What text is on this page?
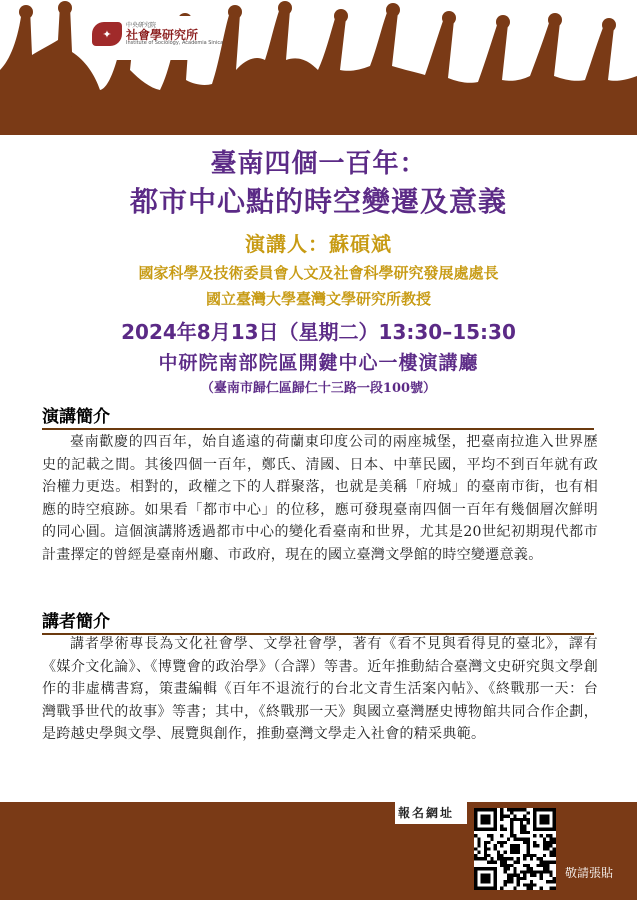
✦
中央研究院
社會學研究所
Institute of Sociology, Academia Sinica
臺南四個一百年：
都市中心點的時空變遷及意義
演講人：蘇碩斌
國家科學及技術委員會人文及社會科學研究發展處處長
國立臺灣大學臺灣文學研究所教授
2024年8月13日（星期二）13:30–15:30
中研院南部院區開鍵中心一樓演講廳
（臺南市歸仁區歸仁十三路一段100號）
演講簡介
臺南歡慶的四百年，始自遙遠的荷蘭東印度公司的兩座城堡，把臺南拉進入世界歷史的記載之間。其後四個一百年，鄭氏、清國、日本、中華民國，平均不到百年就有政治權力更迭。相對的，政權之下的人群聚落，也就是美稱「府城」的臺南市街，也有相應的時空痕跡。如果看「都市中心」的位移，應可發現臺南四個一百年有幾個層次鮮明的同心圓。這個演講將透過都市中心的變化看臺南和世界，尤其是20世紀初期現代都市計畫擇定的曾經是臺南州廳、市政府，現在的國立臺灣文學館的時空變遷意義。
講者簡介
講者學術專長為文化社會學、文學社會學，著有《看不見與看得見的臺北》，譯有《媒介文化論》、《博覽會的政治學》（合譯）等書。近年推動結合臺灣文史研究與文學創作的非虛構書寫，策畫編輯《百年不退流行的台北文青生活案內帖》、《終戰那一天：台灣戰爭世代的故事》等書；其中，《終戰那一天》與國立臺灣歷史博物館共同合作企劃，是跨越史學與文學、展覽與創作，推動臺灣文學走入社會的精采典範。
報名網址
敬請張貼
